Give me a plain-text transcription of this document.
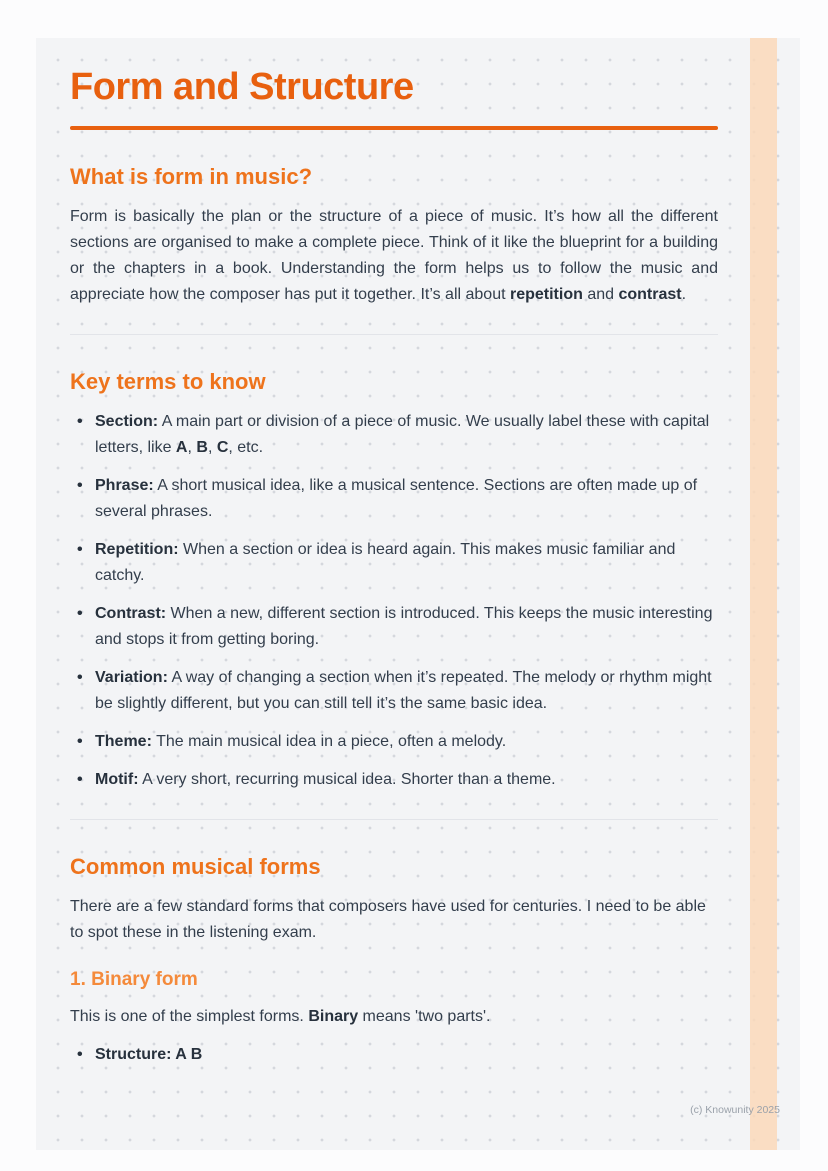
Form and Structure
What is form in music?

Form is basically the plan or the structure of a piece of music. It’s how all the different sections are organised to make a complete piece. Think of it like the blueprint for a building or the chapters in a book. Understanding the form helps us to follow the music and appreciate how the composer has put it together. It’s all about repetition and contrast.

Key terms to know
• Section: A main part or division of a piece of music. We usually label these with capital letters, like A, B, C, etc.
• Phrase: A short musical idea, like a musical sentence. Sections are often made up of several phrases.
• Repetition: When a section or idea is heard again. This makes music familiar and catchy.
• Contrast: When a new, different section is introduced. This keeps the music interesting and stops it from getting boring.
• Variation: A way of changing a section when it’s repeated. The melody or rhythm might be slightly different, but you can still tell it’s the same basic idea.
• Theme: The main musical idea in a piece, often a melody.
• Motif: A very short, recurring musical idea. Shorter than a theme.
Common musical forms

There are a few standard forms that composers have used for centuries. I need to be able to spot these in the listening exam.

1. Binary form

This is one of the simplest forms. Binary means 'two parts'.

• Structure: A B
(c) Knowunity 2025
